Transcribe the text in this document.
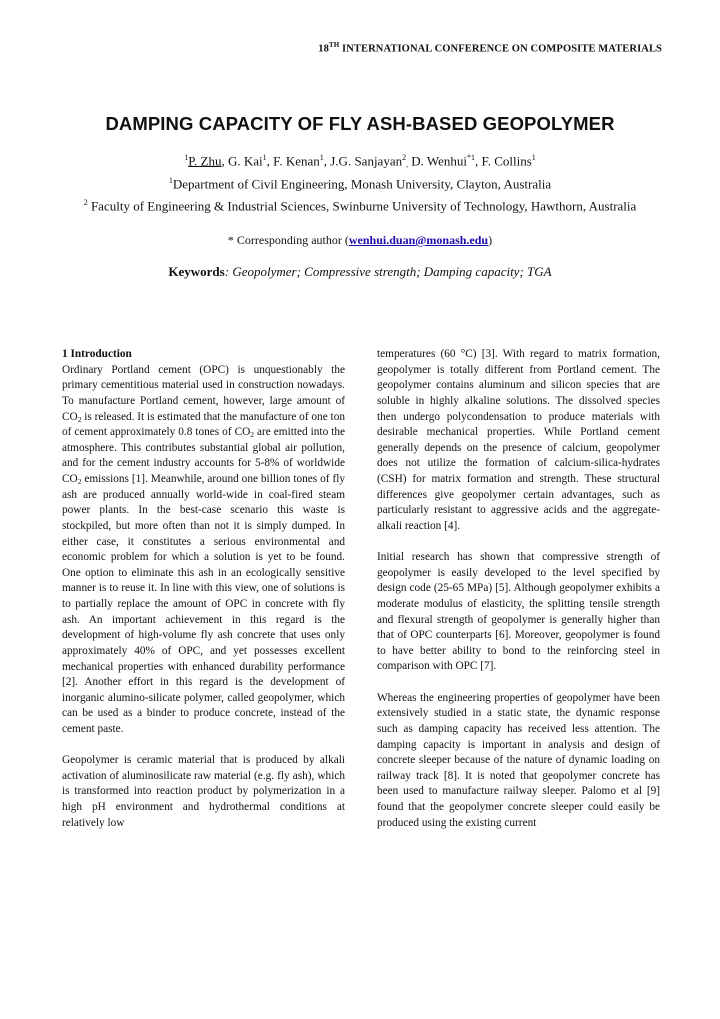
18TH INTERNATIONAL CONFERENCE ON COMPOSITE MATERIALS
DAMPING CAPACITY OF FLY ASH-BASED GEOPOLYMER
$^1$P. Zhu, G. Kai$^1$, F. Kenan$^1$, J.G. Sanjayan$^2_,$ D. Wenhui$^{*1}$, F. Collins$^1$
$^1$Department of Civil Engineering, Monash University, Clayton, Australia
$^2$ Faculty of Engineering & Industrial Sciences, Swinburne University of Technology, Hawthorn, Australia
* Corresponding author (wenhui.duan@monash.edu)
Keywords: Geopolymer; Compressive strength; Damping capacity; TGA

1 Introduction
Ordinary Portland cement (OPC) is unquestionably the primary cementitious material used in construction nowadays. To manufacture Portland cement, however, large amount of $CO_2$ is released. It is estimated that the manufacture of one ton of cement approximately 0.8 tones of $CO_2$ are emitted into the atmosphere. This contributes substantial global air pollution, and for the cement industry accounts for 5-8% of worldwide $CO_2$ emissions [1]. Meanwhile, around one billion tones of fly ash are produced annually world-wide in coal-fired steam power plants. In the best-case scenario this waste is stockpiled, but more often than not it is simply dumped. In either case, it constitutes a serious environmental and economic problem for which a solution is yet to be found. One option to eliminate this ash in an ecologically sensitive manner is to reuse it. In line with this view, one of solutions is to partially replace the amount of OPC in concrete with fly ash. An important achievement in this regard is the development of high-volume fly ash concrete that uses only approximately 40% of OPC, and yet possesses excellent mechanical properties with enhanced durability performance [2]. Another effort in this regard is the development of inorganic alumino-silicate polymer, called geopolymer, which can be used as a binder to produce concrete, instead of the cement paste.

Geopolymer is ceramic material that is produced by alkali activation of aluminosilicate raw material (e.g. fly ash), which is transformed into reaction product by polymerization in a high pH environment and hydrothermal conditions at relatively low

temperatures (60 °C) [3]. With regard to matrix formation, geopolymer is totally different from Portland cement. The geopolymer contains aluminum and silicon species that are soluble in highly alkaline solutions. The dissolved species then undergo polycondensation to produce materials with desirable mechanical properties. While Portland cement generally depends on the presence of calcium, geopolymer does not utilize the formation of calcium-silica-hydrates (CSH) for matrix formation and strength. These structural differences give geopolymer certain advantages, such as particularly resistant to aggressive acids and the aggregate-alkali reaction [4].

Initial research has shown that compressive strength of geopolymer is easily developed to the level specified by design code (25-65 MPa) [5]. Although geopolymer exhibits a moderate modulus of elasticity, the splitting tensile strength and flexural strength of geopolymer is generally higher than that of OPC counterparts [6]. Moreover, geopolymer is found to have better ability to bond to the reinforcing steel in comparison with OPC [7].

Whereas the engineering properties of geopolymer have been extensively studied in a static state, the dynamic response such as damping capacity has received less attention. The damping capacity is important in analysis and design of concrete sleeper because of the nature of dynamic loading on railway track [8]. It is noted that geopolymer concrete has been used to manufacture railway sleeper. Palomo et al [9] found that the geopolymer concrete sleeper could easily be produced using the existing current
